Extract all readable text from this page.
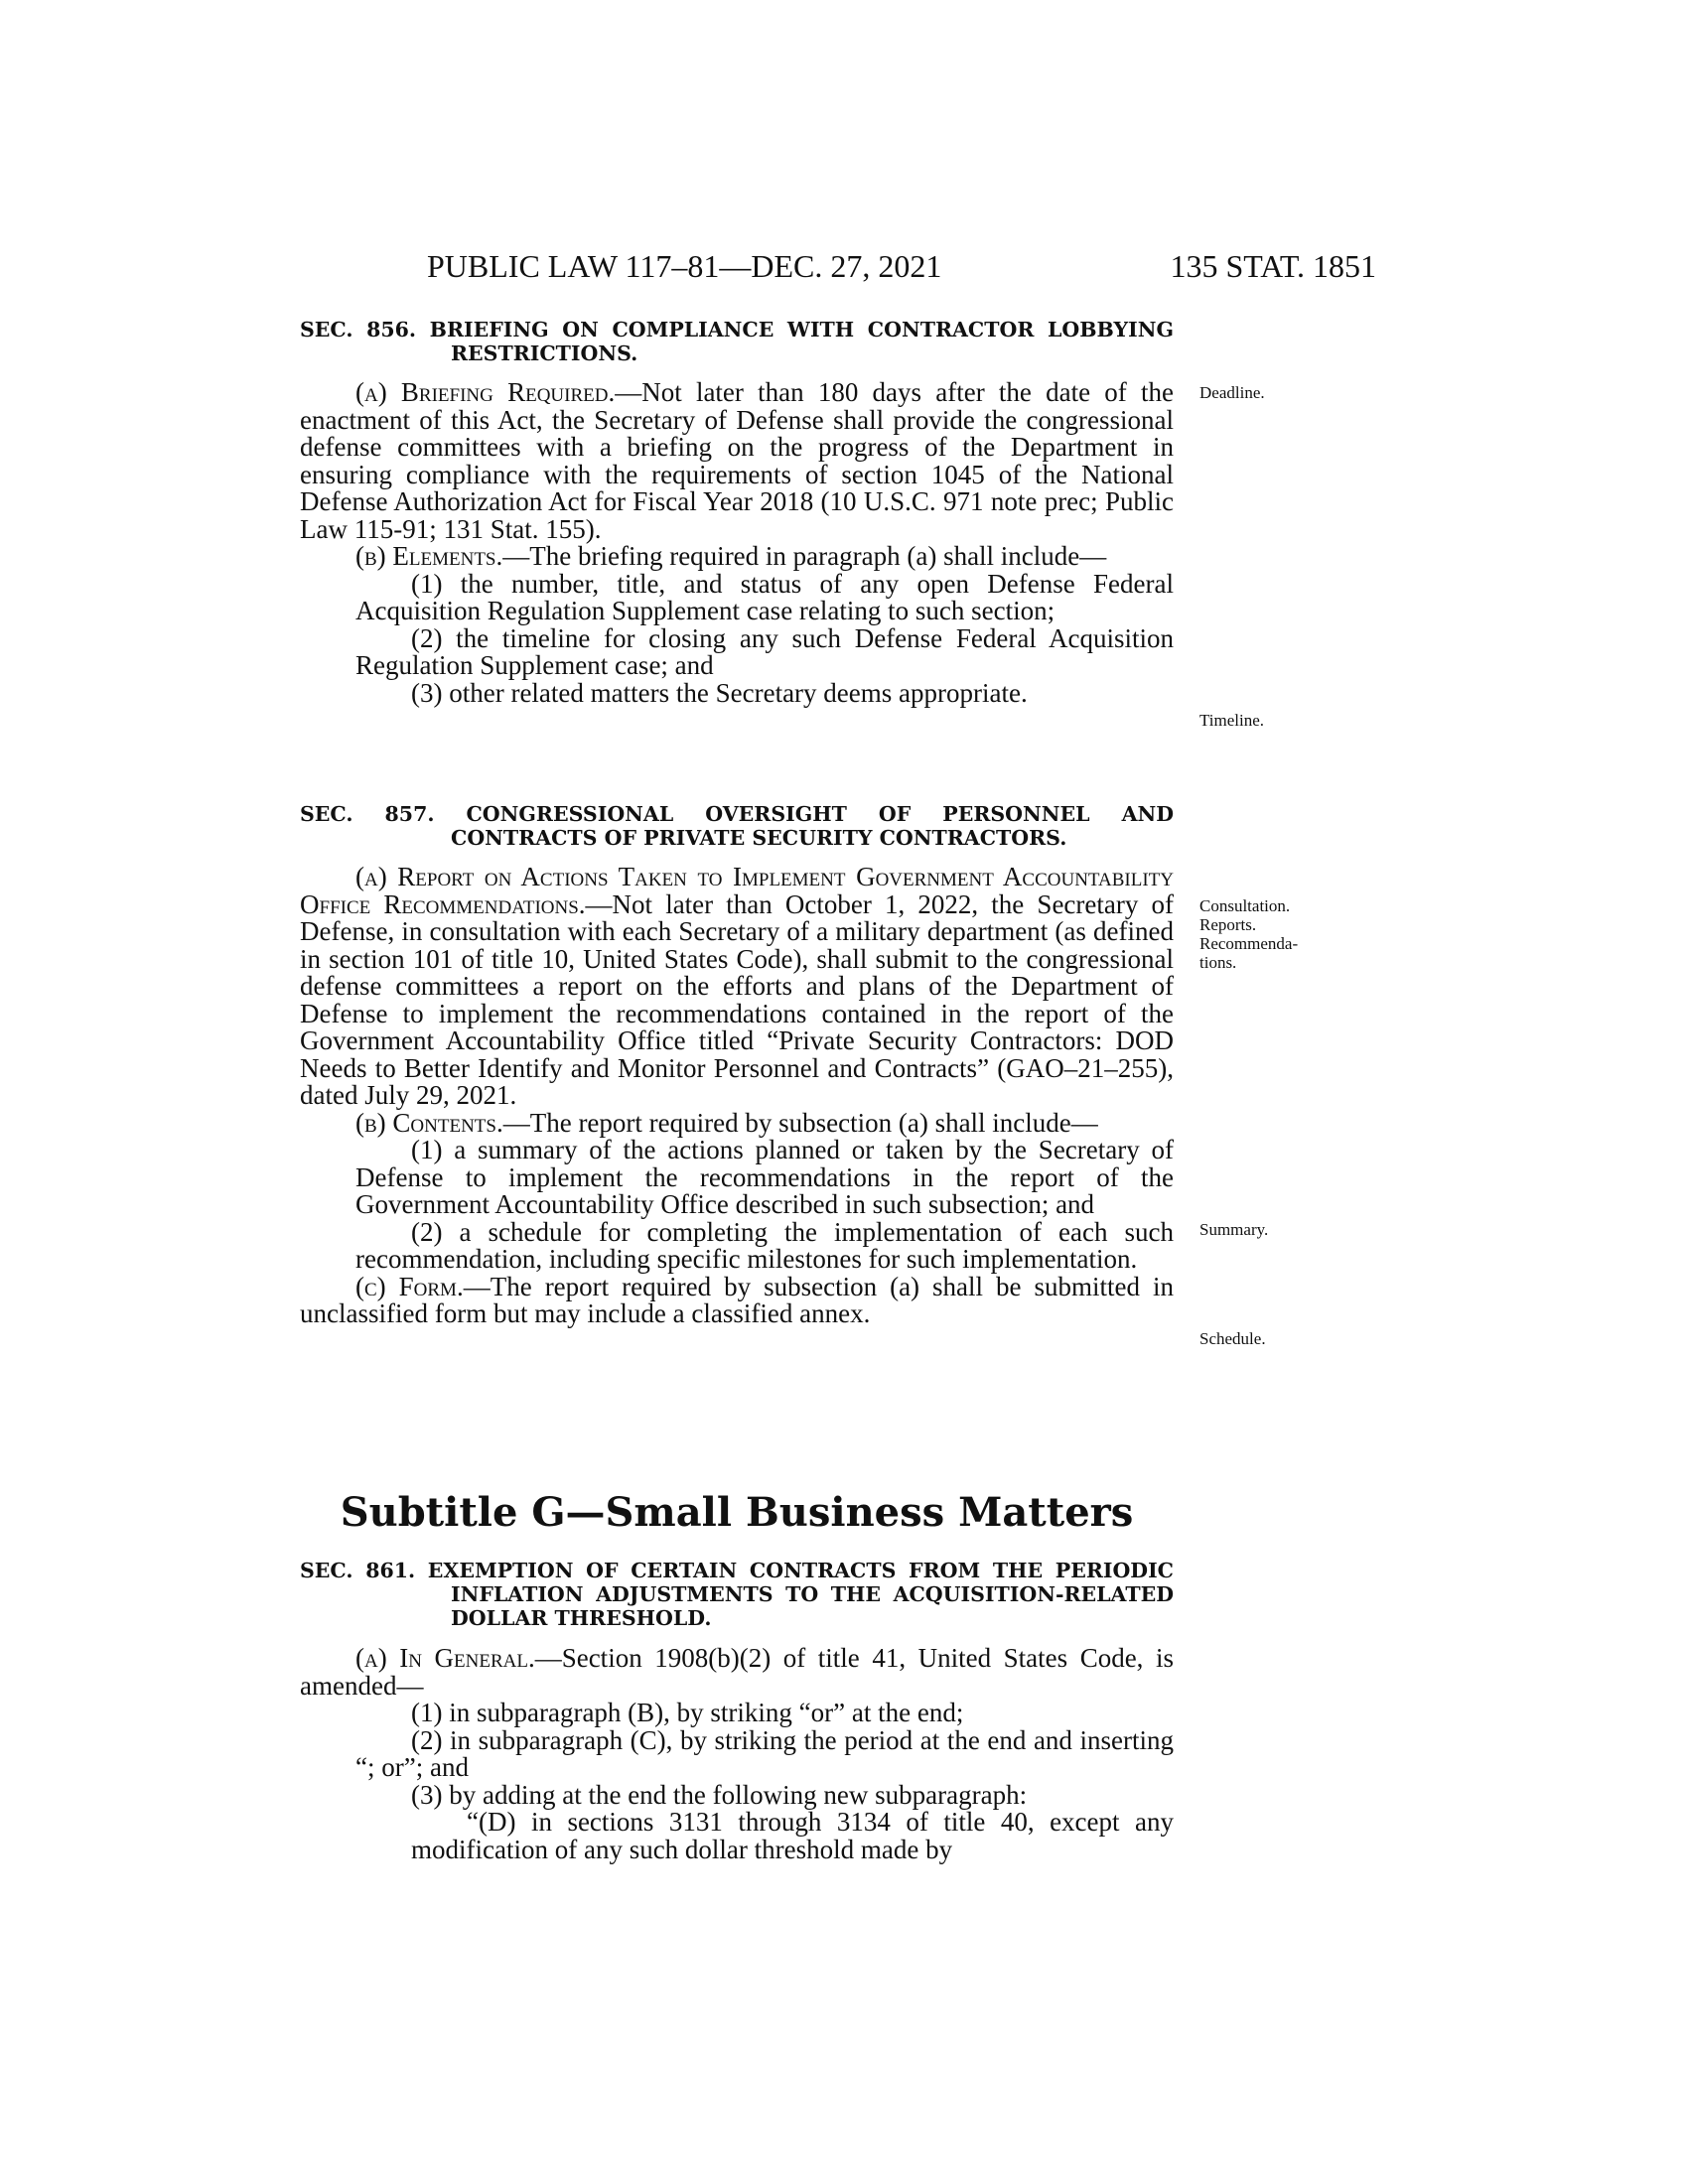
PUBLIC LAW 117–81—DEC. 27, 2021	135 STAT. 1851
SEC. 856. BRIEFING ON COMPLIANCE WITH CONTRACTOR LOBBYING RESTRICTIONS.

(a) Briefing Required.—Not later than 180 days after the date of the enactment of this Act, the Secretary of Defense shall provide the congressional defense committees with a briefing on the progress of the Department in ensuring compliance with the requirements of section 1045 of the National Defense Authorization Act for Fiscal Year 2018 (10 U.S.C. 971 note prec; Public Law 115-91; 131 Stat. 155).

(b) Elements.—The briefing required in paragraph (a) shall include—

(1) the number, title, and status of any open Defense Federal Acquisition Regulation Supplement case relating to such section;

(2) the timeline for closing any such Defense Federal Acquisition Regulation Supplement case; and

(3) other related matters the Secretary deems appropriate.

SEC. 857. CONGRESSIONAL OVERSIGHT OF PERSONNEL AND CONTRACTS OF PRIVATE SECURITY CONTRACTORS.

(a) Report on Actions Taken to Implement Government Accountability Office Recommendations.—Not later than October 1, 2022, the Secretary of Defense, in consultation with each Secretary of a military department (as defined in section 101 of title 10, United States Code), shall submit to the congressional defense committees a report on the efforts and plans of the Department of Defense to implement the recommendations contained in the report of the Government Accountability Office titled “Private Security Contractors: DOD Needs to Better Identify and Monitor Personnel and Contracts” (GAO–21–255), dated July 29, 2021.

(b) Contents.—The report required by subsection (a) shall include—

(1) a summary of the actions planned or taken by the Secretary of Defense to implement the recommendations in the report of the Government Accountability Office described in such subsection; and

(2) a schedule for completing the implementation of each such recommendation, including specific milestones for such implementation.

(c) Form.—The report required by subsection (a) shall be submitted in unclassified form but may include a classified annex.

Subtitle G—Small Business Matters
SEC. 861. EXEMPTION OF CERTAIN CONTRACTS FROM THE PERIODIC INFLATION ADJUSTMENTS TO THE ACQUISITION-RELATED DOLLAR THRESHOLD.

(a) In General.—Section 1908(b)(2) of title 41, United States Code, is amended—

(1) in subparagraph (B), by striking “or” at the end;

(2) in subparagraph (C), by striking the period at the end and inserting “; or”; and

(3) by adding at the end the following new subparagraph:

“(D) in sections 3131 through 3134 of title 40, except any modification of any such dollar threshold made by

Deadline.
Timeline.
Consultation.
Reports.
Recommenda-tions.
Summary.
Schedule.
